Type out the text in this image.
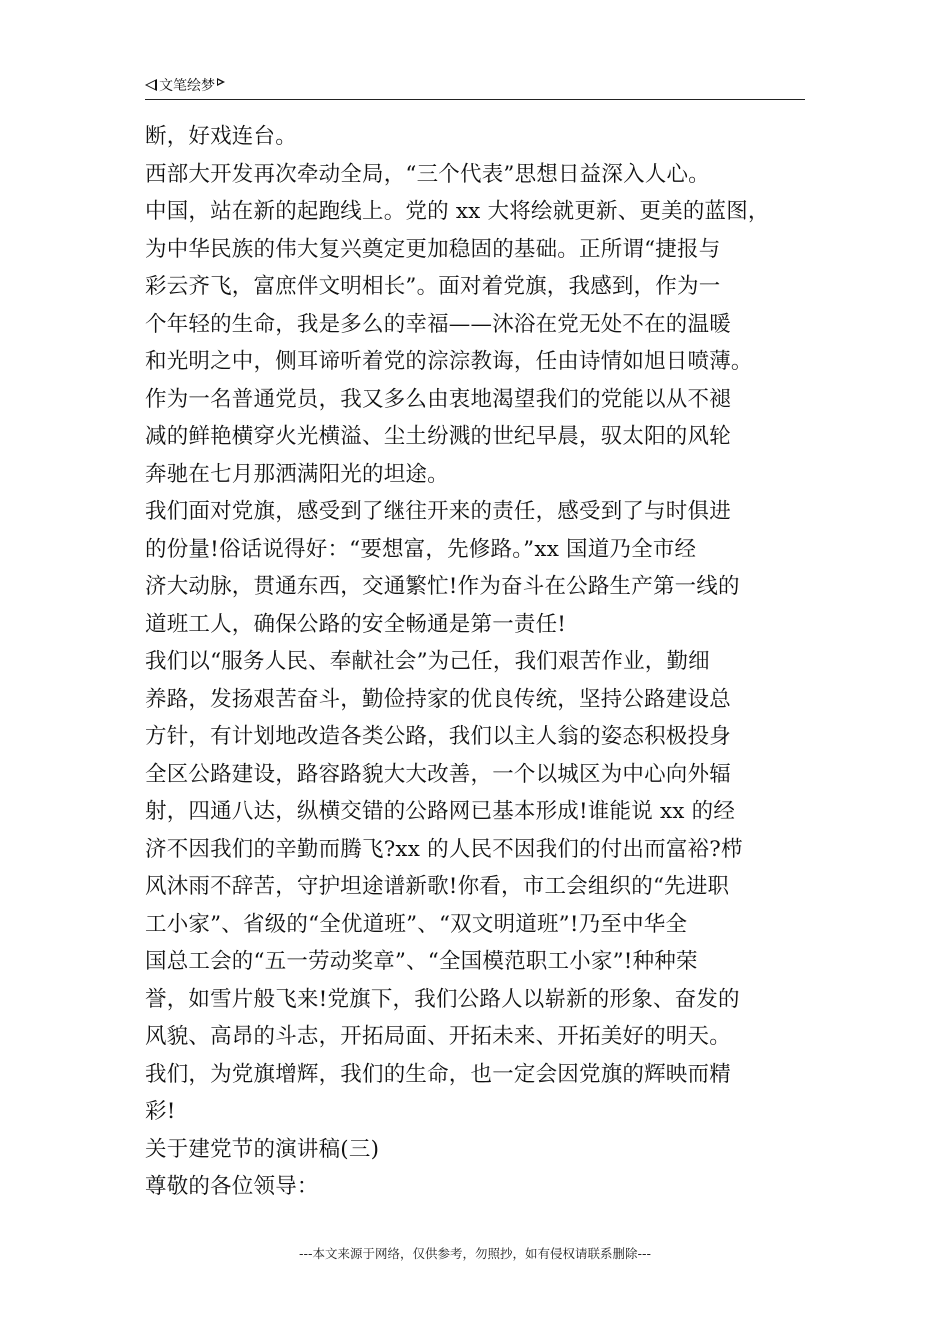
文笔绘梦
断，好戏连台。
西部大开发再次牵动全局，“三个代表”思想日益深入人心。
中国，站在新的起跑线上。党的 xx 大将绘就更新、更美的蓝图，
为中华民族的伟大复兴奠定更加稳固的基础。正所谓“捷报与
彩云齐飞，富庶伴文明相长”。面对着党旗，我感到，作为一
个年轻的生命，我是多么的幸福——沐浴在党无处不在的温暖
和光明之中，侧耳谛听着党的淙淙教诲，任由诗情如旭日喷薄。
作为一名普通党员，我又多么由衷地渴望我们的党能以从不褪
减的鲜艳横穿火光横溢、尘土纷溅的世纪早晨，驭太阳的风轮
奔驰在七月那洒满阳光的坦途。
我们面对党旗，感受到了继往开来的责任，感受到了与时俱进
的份量!俗话说得好：“要想富，先修路。”xx 国道乃全市经
济大动脉，贯通东西，交通繁忙!作为奋斗在公路生产第一线的
道班工人，确保公路的安全畅通是第一责任!
我们以“服务人民、奉献社会”为己任，我们艰苦作业，勤细
养路，发扬艰苦奋斗，勤俭持家的优良传统，坚持公路建设总
方针，有计划地改造各类公路，我们以主人翁的姿态积极投身
全区公路建设，路容路貌大大改善，一个以城区为中心向外辐
射，四通八达，纵横交错的公路网已基本形成!谁能说 xx 的经
济不因我们的辛勤而腾飞?xx 的人民不因我们的付出而富裕?栉
风沐雨不辞苦，守护坦途谱新歌!你看，市工会组织的“先进职
工小家”、省级的“全优道班”、“双文明道班”!乃至中华全
国总工会的“五一劳动奖章”、“全国模范职工小家”!种种荣
誉，如雪片般飞来!党旗下，我们公路人以崭新的形象、奋发的
风貌、高昂的斗志，开拓局面、开拓未来、开拓美好的明天。
我们，为党旗增辉，我们的生命，也一定会因党旗的辉映而精
彩!
关于建党节的演讲稿(三)
尊敬的各位领导：
---本文来源于网络，仅供参考，勿照抄，如有侵权请联系删除---
